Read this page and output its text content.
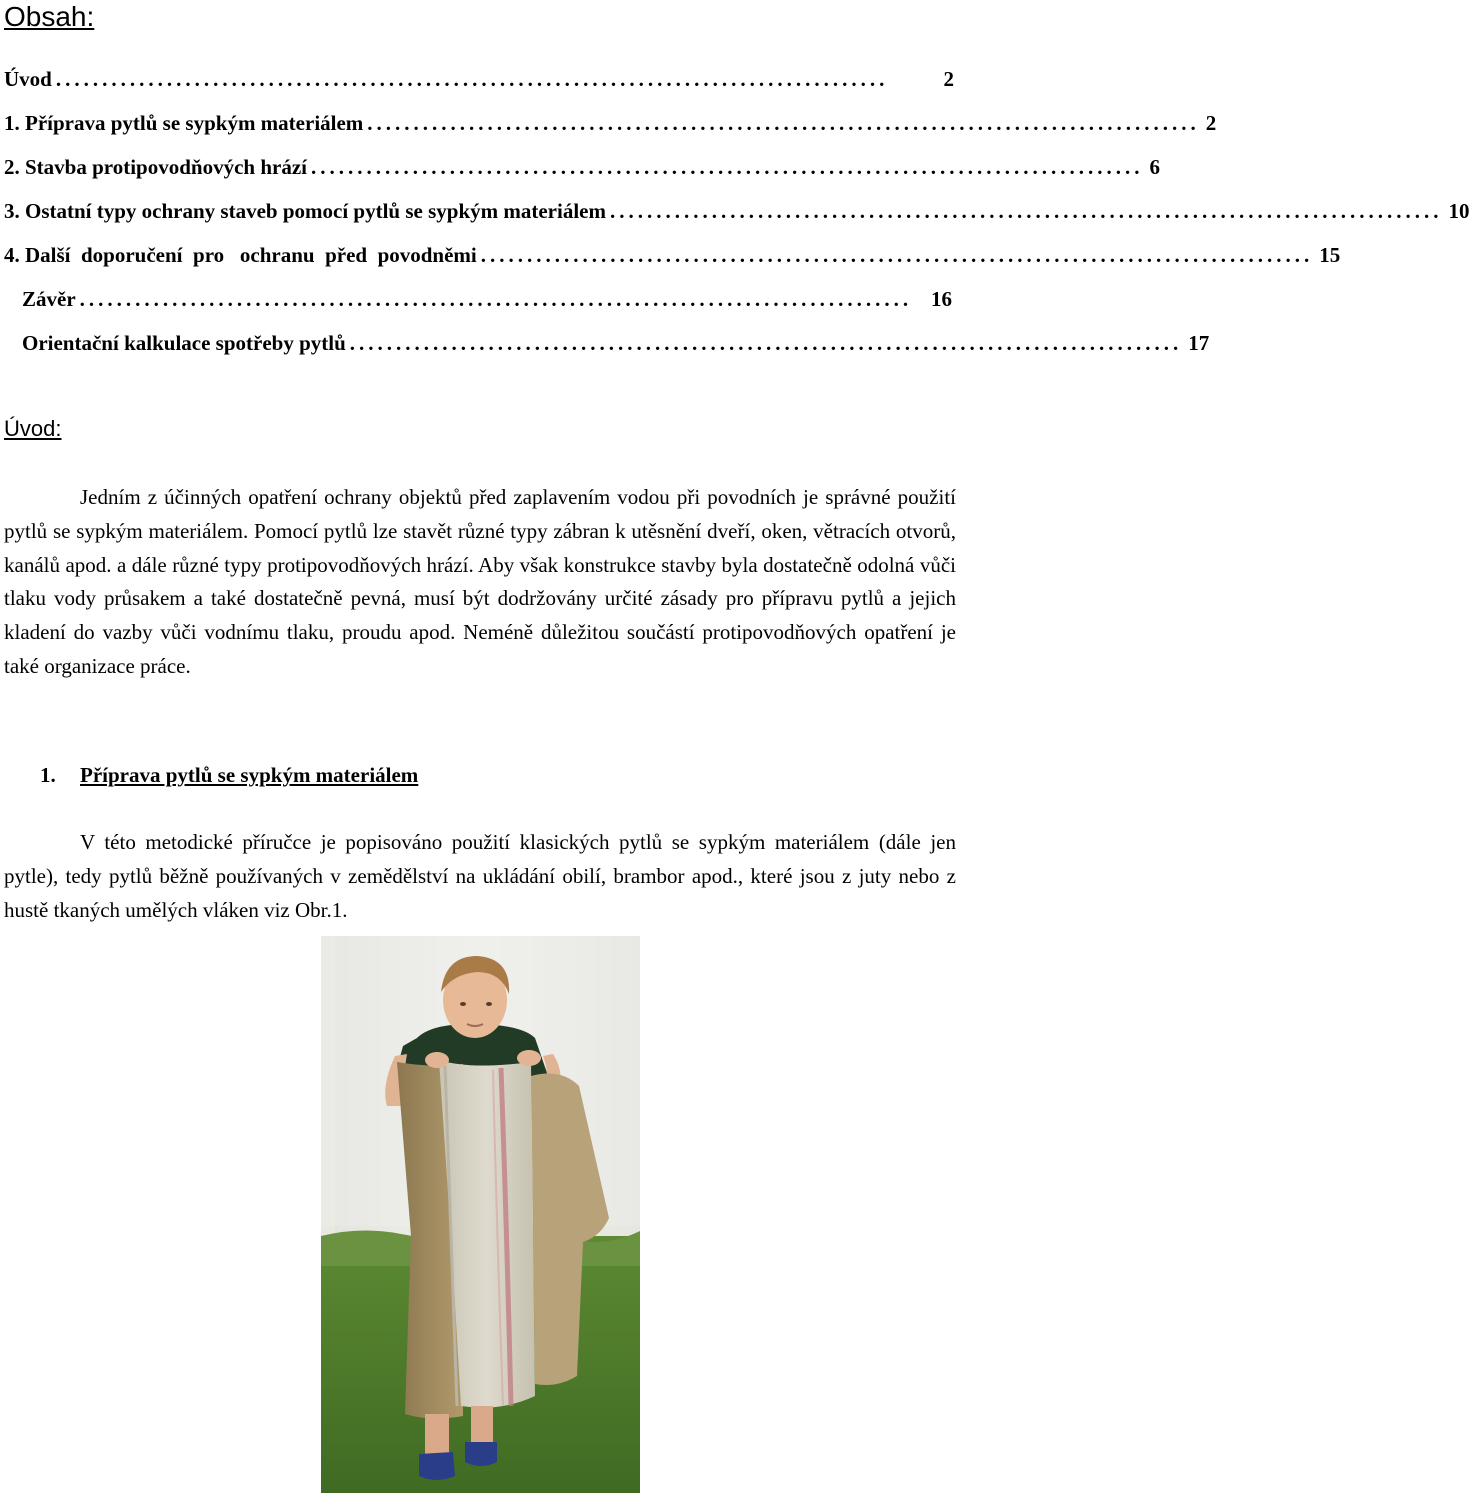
Obsah:
Úvod ..........................................................................................	2
1. Příprava pytlů se sypkým materiálem .......................................................................................... 2
2. Stavba protipovodňových hrází .......................................................................................... 6
3. Ostatní typy ochrany staveb pomocí pytlů se sypkým materiálem .......................................................................................... 10
4. Další  doporučení  pro   ochranu  před  povodněmi .......................................................................................... 15
Závěr .......................................................................................... 16
Orientační kalkulace spotřeby pytlů .......................................................................................... 17
Úvod:
Jedním z účinných opatření ochrany objektů před zaplavením vodou při povodních je správné použití pytlů se sypkým materiálem. Pomocí pytlů lze stavět různé typy zábran k utěsnění dveří, oken, větracích otvorů, kanálů apod. a dále různé typy protipovodňových hrází. Aby však konstrukce stavby byla dostatečně odolná vůči tlaku vody průsakem a také dostatečně pevná, musí být dodržovány určité zásady pro přípravu pytlů a jejich kladení do vazby vůči vodnímu tlaku, proudu apod. Neméně důležitou součástí protipovodňových opatření je také organizace práce.
1. Příprava pytlů se sypkým materiálem
V této metodické příručce je popisováno použití klasických pytlů se sypkým materiálem (dále jen pytle), tedy pytlů běžně používaných v zemědělství na ukládání obilí, brambor apod., které jsou z juty nebo z hustě tkaných umělých vláken viz Obr.1.
